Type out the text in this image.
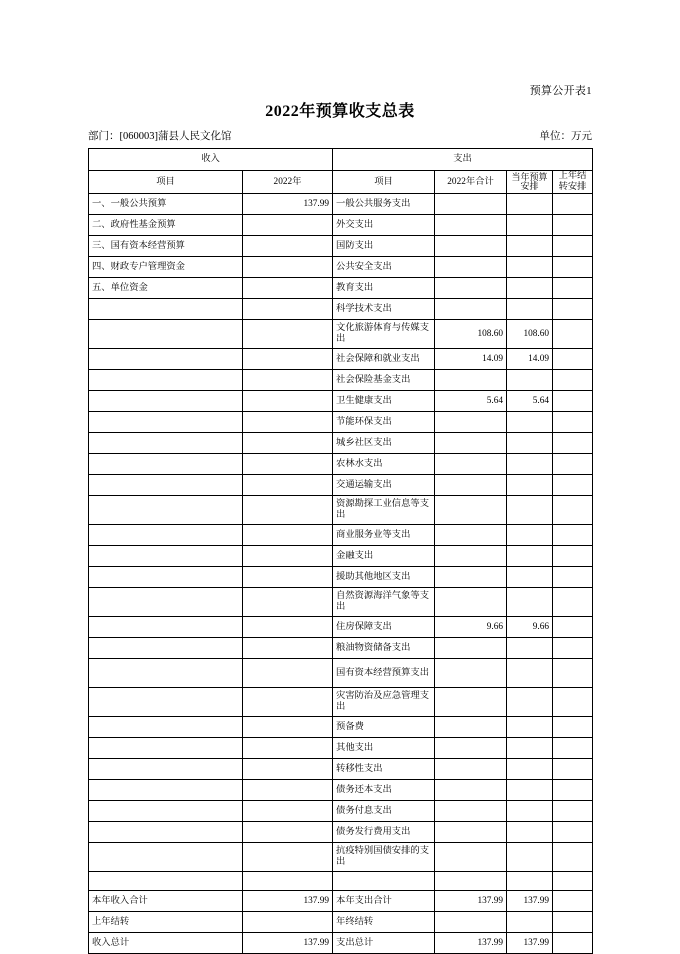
预算公开表1
2022年预算收支总表
部门：[060003]蒲县人民文化馆	单位：万元
收入		支出			
项目	2022年	项目	2022年合计	当年预算安排	上年结转安排
一、一般公共预算	137.99	一般公共服务支出			
二、政府性基金预算		外交支出			
三、国有资本经营预算		国防支出			
四、财政专户管理资金		公共安全支出			
五、单位资金		教育支出			
		科学技术支出			
		文化旅游体育与传媒支出	108.60	108.60	
		社会保障和就业支出	14.09	14.09	
		社会保险基金支出			
		卫生健康支出	5.64	5.64	
		节能环保支出			
		城乡社区支出			
		农林水支出			
		交通运输支出			
		资源勘探工业信息等支出			
		商业服务业等支出			
		金融支出			
		援助其他地区支出			
		自然资源海洋气象等支出			
		住房保障支出	9.66	9.66	
		粮油物资储备支出			
		国有资本经营预算支出			
		灾害防治及应急管理支出			
		预备费			
		其他支出			
		转移性支出			
		债务还本支出			
		债务付息支出			
		债务发行费用支出			
		抗疫特别国债安排的支出			

本年收入合计	137.99	本年支出合计	137.99	137.99	
上年结转		年终结转			
收入总计	137.99	支出总计	137.99	137.99	
